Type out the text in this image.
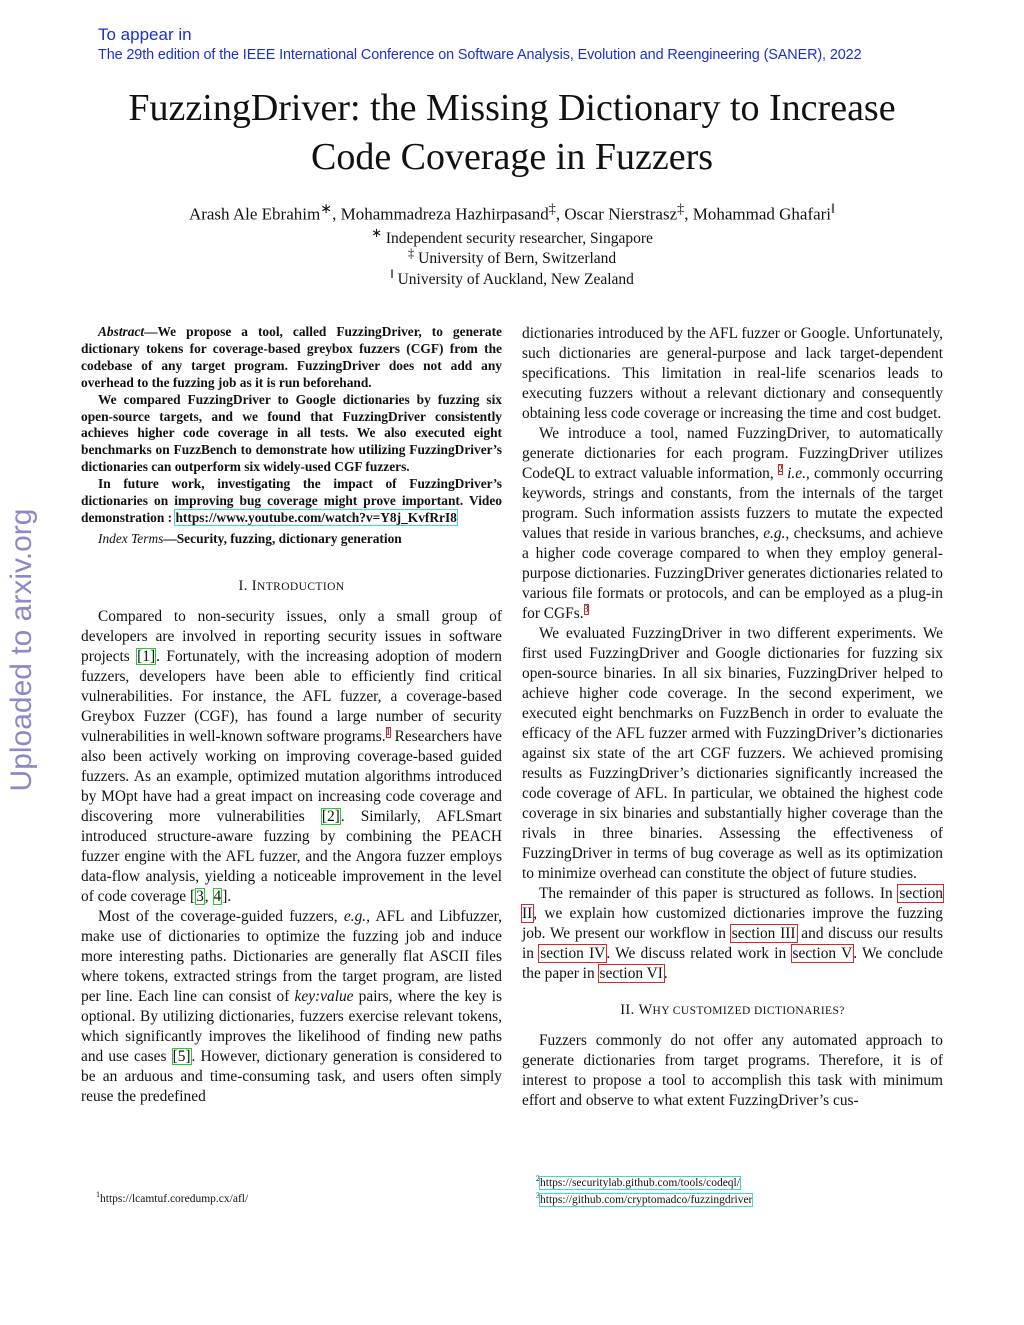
To appear in
The 29th edition of the IEEE International Conference on Software Analysis, Evolution and Reengineering (SANER), 2022
FuzzingDriver: the Missing Dictionary to Increase
Code Coverage in Fuzzers
Arash Ale Ebrahim∗, Mohammadreza Hazhirpasand‡, Oscar Nierstrasz‡, Mohammad Ghafari‖
∗ Independent security researcher, Singapore
‡ University of Bern, Switzerland
‖ University of Auckland, New Zealand
Uploaded to arxiv.org

Abstract—We propose a tool, called FuzzingDriver, to generate dictionary tokens for coverage-based greybox fuzzers (CGF) from the codebase of any target program. FuzzingDriver does not add any overhead to the fuzzing job as it is run beforehand.

We compared FuzzingDriver to Google dictionaries by fuzzing six open-source targets, and we found that FuzzingDriver consistently achieves higher code coverage in all tests. We also executed eight benchmarks on FuzzBench to demonstrate how utilizing FuzzingDriver’s dictionaries can outperform six widely-used CGF fuzzers.

In future work, investigating the impact of FuzzingDriver’s dictionaries on improving bug coverage might prove important. Video demonstration : https://www.youtube.com/watch?v=Y8j_KvfRrI8

Index Terms—Security, fuzzing, dictionary generation

I. INTRODUCTION

Compared to non-security issues, only a small group of developers are involved in reporting security issues in software projects [1]. Fortunately, with the increasing adoption of modern fuzzers, developers have been able to efficiently find critical vulnerabilities. For instance, the AFL fuzzer, a coverage-based Greybox Fuzzer (CGF), has found a large number of security vulnerabilities in well-known software programs.$^1$ Researchers have also been actively working on improving coverage-based guided fuzzers. As an example, optimized mutation algorithms introduced by MOpt have had a great impact on increasing code coverage and discovering more vulnerabilities [2]. Similarly, AFLSmart introduced structure-aware fuzzing by combining the PEACH fuzzer engine with the AFL fuzzer, and the Angora fuzzer employs data-flow analysis, yielding a noticeable improvement in the level of code coverage [3, 4].

Most of the coverage-guided fuzzers, e.g., AFL and Libfuzzer, make use of dictionaries to optimize the fuzzing job and induce more interesting paths. Dictionaries are generally flat ASCII files where tokens, extracted strings from the target program, are listed per line. Each line can consist of key:value pairs, where the key is optional. By utilizing dictionaries, fuzzers exercise relevant tokens, which significantly improves the likelihood of finding new paths and use cases [5]. However, dictionary generation is considered to be an arduous and time-consuming task, and users often simply reuse the predefined

dictionaries introduced by the AFL fuzzer or Google. Unfortunately, such dictionaries are general-purpose and lack target-dependent specifications. This limitation in real-life scenarios leads to executing fuzzers without a relevant dictionary and consequently obtaining less code coverage or increasing the time and cost budget.

We introduce a tool, named FuzzingDriver, to automatically generate dictionaries for each program. FuzzingDriver utilizes CodeQL to extract valuable information, $^2$ i.e., commonly occurring keywords, strings and constants, from the internals of the target program. Such information assists fuzzers to mutate the expected values that reside in various branches, e.g., checksums, and achieve a higher code coverage compared to when they employ general-purpose dictionaries. FuzzingDriver generates dictionaries related to various file formats or protocols, and can be employed as a plug-in for CGFs.$^3$

We evaluated FuzzingDriver in two different experiments. We first used FuzzingDriver and Google dictionaries for fuzzing six open-source binaries. In all six binaries, FuzzingDriver helped to achieve higher code coverage. In the second experiment, we executed eight benchmarks on FuzzBench in order to evaluate the efficacy of the AFL fuzzer armed with FuzzingDriver’s dictionaries against six state of the art CGF fuzzers. We achieved promising results as FuzzingDriver’s dictionaries significantly increased the code coverage of AFL. In particular, we obtained the highest code coverage in six binaries and substantially higher coverage than the rivals in three binaries. Assessing the effectiveness of FuzzingDriver in terms of bug coverage as well as its optimization to minimize overhead can constitute the object of future studies.

The remainder of this paper is structured as follows. In section II, we explain how customized dictionaries improve the fuzzing job. We present our workflow in section III and discuss our results in section IV. We discuss related work in section V. We conclude the paper in section VI.

II. WHY CUSTOMIZED DICTIONARIES?

Fuzzers commonly do not offer any automated approach to generate dictionaries from target programs. Therefore, it is of interest to propose a tool to accomplish this task with minimum effort and observe to what extent FuzzingDriver’s cus-

$^1$https://lcamtuf.coredump.cx/afl/
$^2$https://securitylab.github.com/tools/codeql/
$^3$https://github.com/cryptomadco/fuzzingdriver
